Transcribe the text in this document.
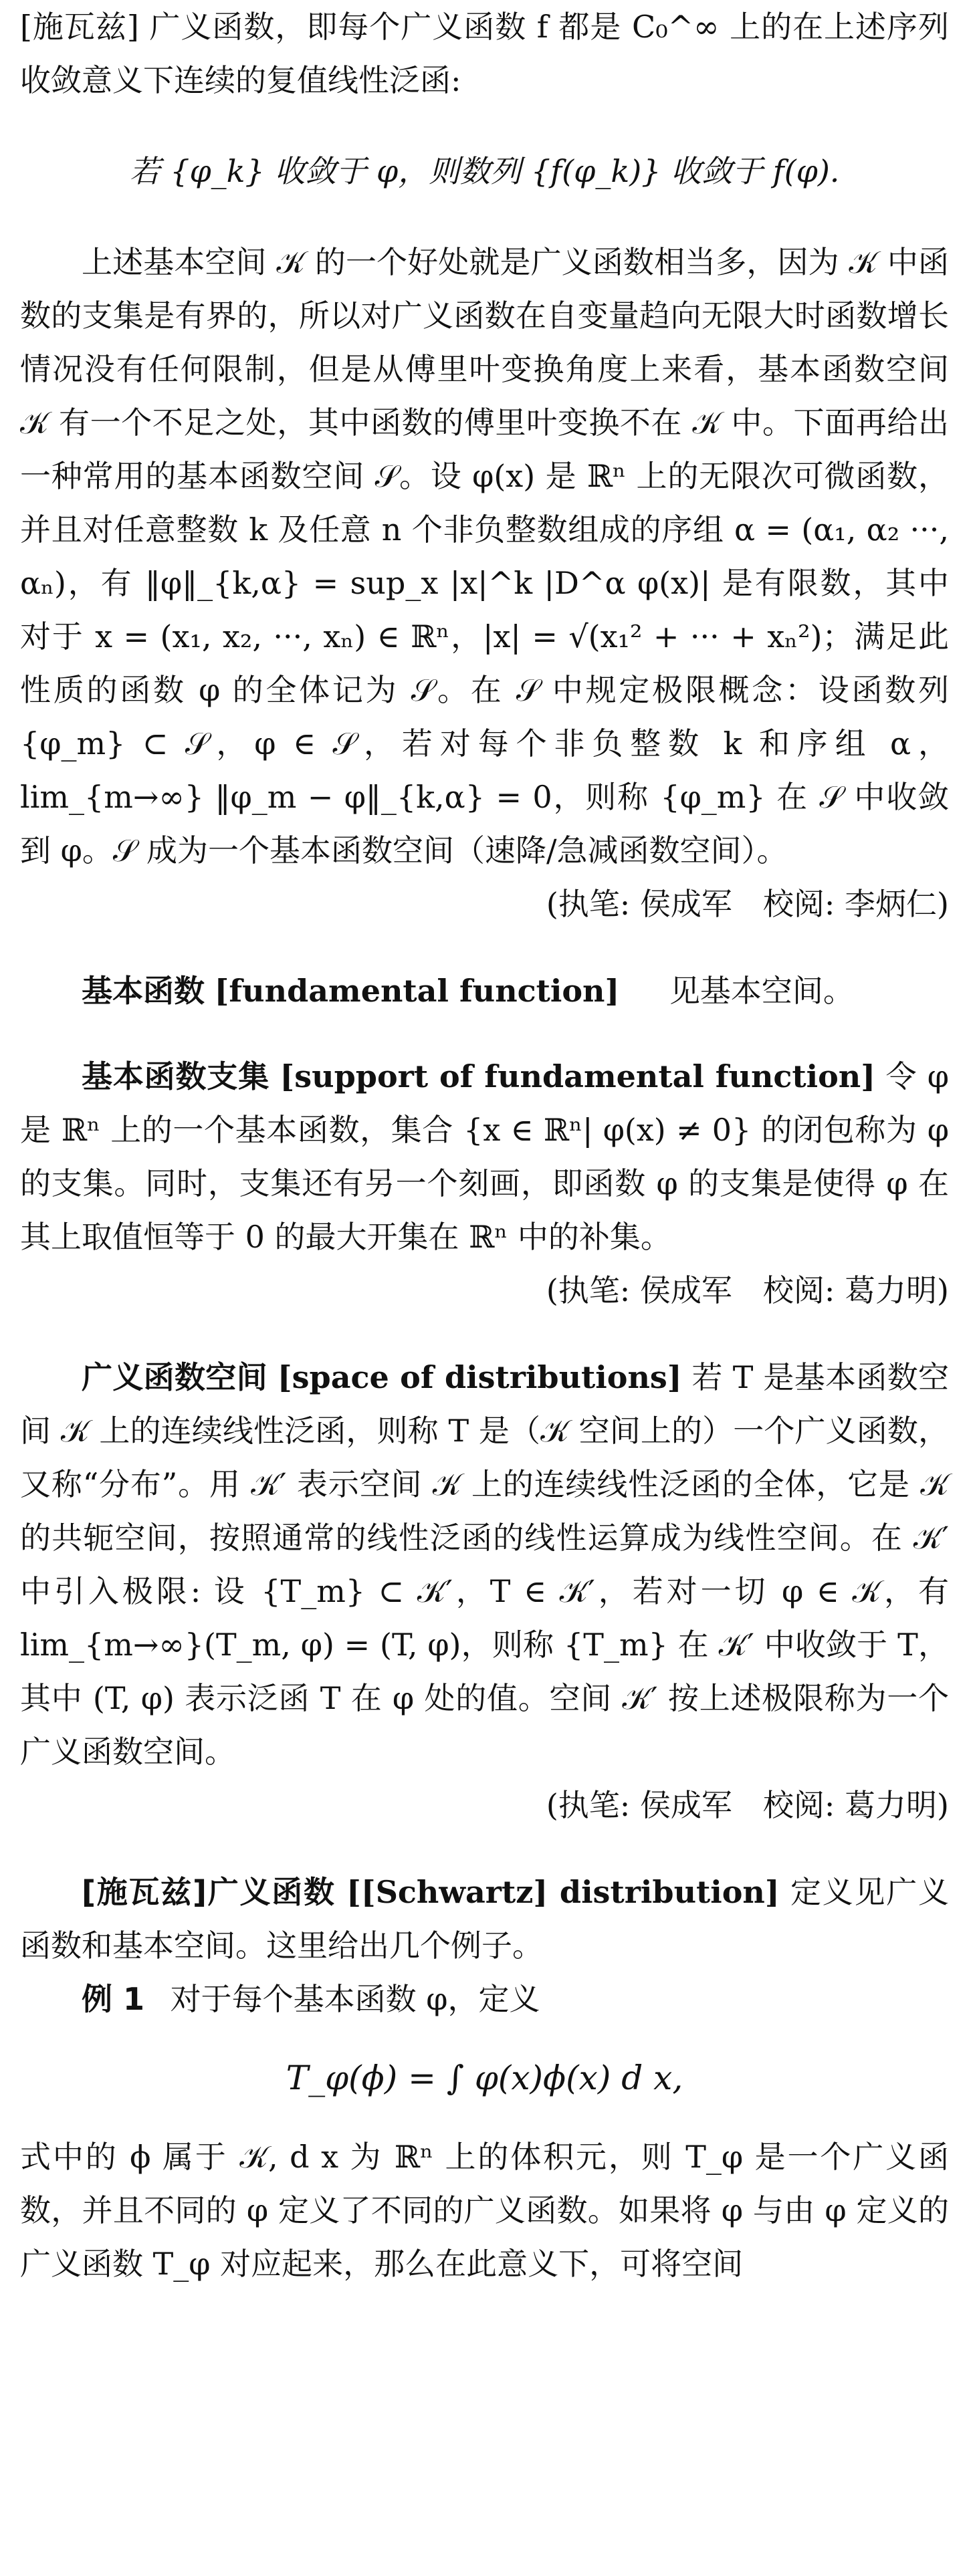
[施瓦兹] 广义函数，即每个广义函数 f 都是 C₀^∞ 上的在上述序列收敛意义下连续的复值线性泛函:

若 {φ_k} 收敛于 φ，则数列 {f(φ_k)} 收敛于 f(φ).

上述基本空间 𝒦 的一个好处就是广义函数相当多，因为 𝒦 中函数的支集是有界的，所以对广义函数在自变量趋向无限大时函数增长情况没有任何限制，但是从傅里叶变换角度上来看，基本函数空间 𝒦 有一个不足之处，其中函数的傅里叶变换不在 𝒦 中。下面再给出一种常用的基本函数空间 𝒮。设 φ(x) 是 ℝⁿ 上的无限次可微函数，并且对任意整数 k 及任意 n 个非负整数组成的序组 α = (α₁, α₂ ···, αₙ)，有 ‖φ‖_{k,α} = sup_x |x|^k |D^α φ(x)| 是有限数，其中对于 x = (x₁, x₂, ···, xₙ) ∈ ℝⁿ，|x| = √(x₁² + ··· + xₙ²)；满足此性质的函数 φ 的全体记为 𝒮。在 𝒮 中规定极限概念：设函数列 {φ_m} ⊂ 𝒮，φ ∈ 𝒮，若对每个非负整数 k 和序组 α，lim_{m→∞} ‖φ_m − φ‖_{k,α} = 0，则称 {φ_m} 在 𝒮 中收敛到 φ。𝒮 成为一个基本函数空间（速降/急减函数空间）。

(执笔: 侯成军　校阅: 李炳仁)

基本函数 [fundamental function] 见基本空间。

基本函数支集 [support of fundamental function] 令 φ 是 ℝⁿ 上的一个基本函数，集合 {x ∈ ℝⁿ| φ(x) ≠ 0} 的闭包称为 φ 的支集。同时，支集还有另一个刻画，即函数 φ 的支集是使得 φ 在其上取值恒等于 0 的最大开集在 ℝⁿ 中的补集。

(执笔: 侯成军　校阅: 葛力明)

广义函数空间 [space of distributions] 若 T 是基本函数空间 𝒦 上的连续线性泛函，则称 T 是（𝒦 空间上的）一个广义函数，又称“分布”。用 𝒦′ 表示空间 𝒦 上的连续线性泛函的全体，它是 𝒦 的共轭空间，按照通常的线性泛函的线性运算成为线性空间。在 𝒦′ 中引入极限: 设 {T_m} ⊂ 𝒦′，T ∈ 𝒦′，若对一切 φ ∈ 𝒦，有 lim_{m→∞}(T_m, φ) = (T, φ)，则称 {T_m} 在 𝒦′ 中收敛于 T，其中 (T, φ) 表示泛函 T 在 φ 处的值。空间 𝒦′ 按上述极限称为一个广义函数空间。

(执笔: 侯成军　校阅: 葛力明)

[施瓦兹]广义函数 [[Schwartz] distribution] 定义见广义函数和基本空间。这里给出几个例子。

例 1 对于每个基本函数 φ，定义

T_φ(ϕ) = ∫ φ(x)ϕ(x) d x,

式中的 ϕ 属于 𝒦, d x 为 ℝⁿ 上的体积元，则 T_φ 是一个广义函数，并且不同的 φ 定义了不同的广义函数。如果将 φ 与由 φ 定义的广义函数 T_φ 对应起来，那么在此意义下，可将空间
